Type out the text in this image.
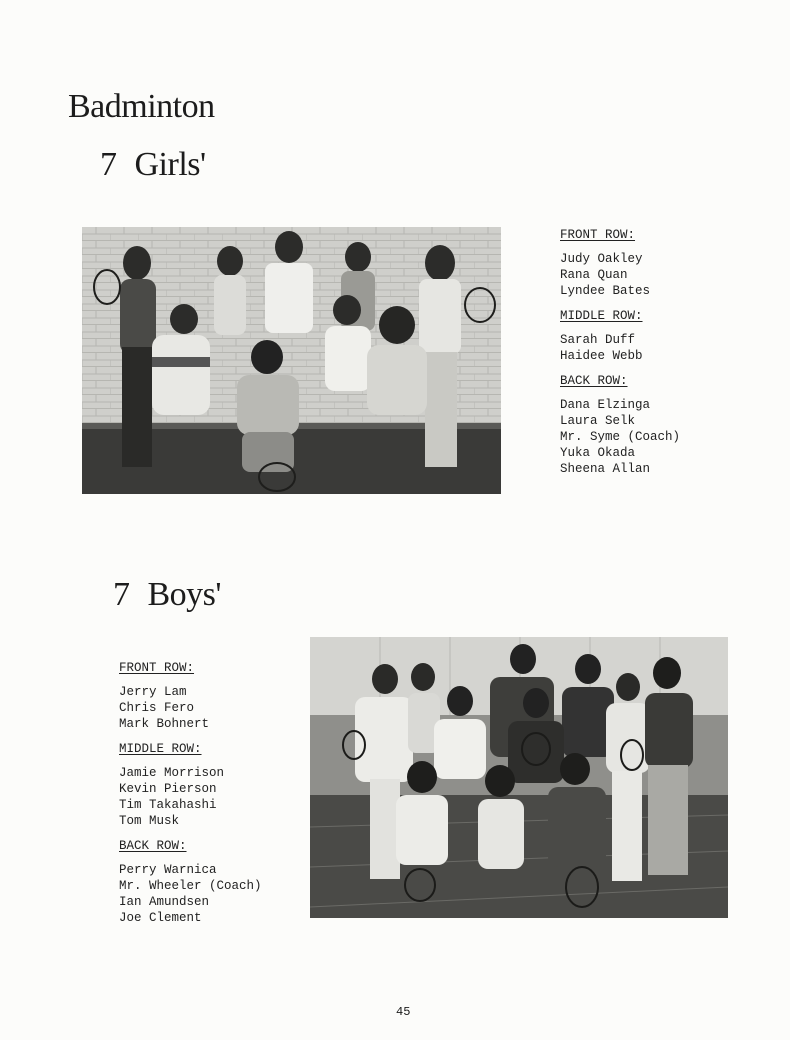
Badminton
7 Girls'
FRONT ROW:
Judy Oakley
Rana Quan
Lyndee Bates
MIDDLE ROW:
Sarah Duff
Haidee Webb
BACK ROW:
Dana Elzinga
Laura Selk
Mr. Syme (Coach)
Yuka Okada
Sheena Allan
7 Boys'
FRONT ROW:
Jerry Lam
Chris Fero
Mark Bohnert
MIDDLE ROW:
Jamie Morrison
Kevin Pierson
Tim Takahashi
Tom Musk
BACK ROW:
Perry Warnica
Mr. Wheeler (Coach)
Ian Amundsen
Joe Clement
45
